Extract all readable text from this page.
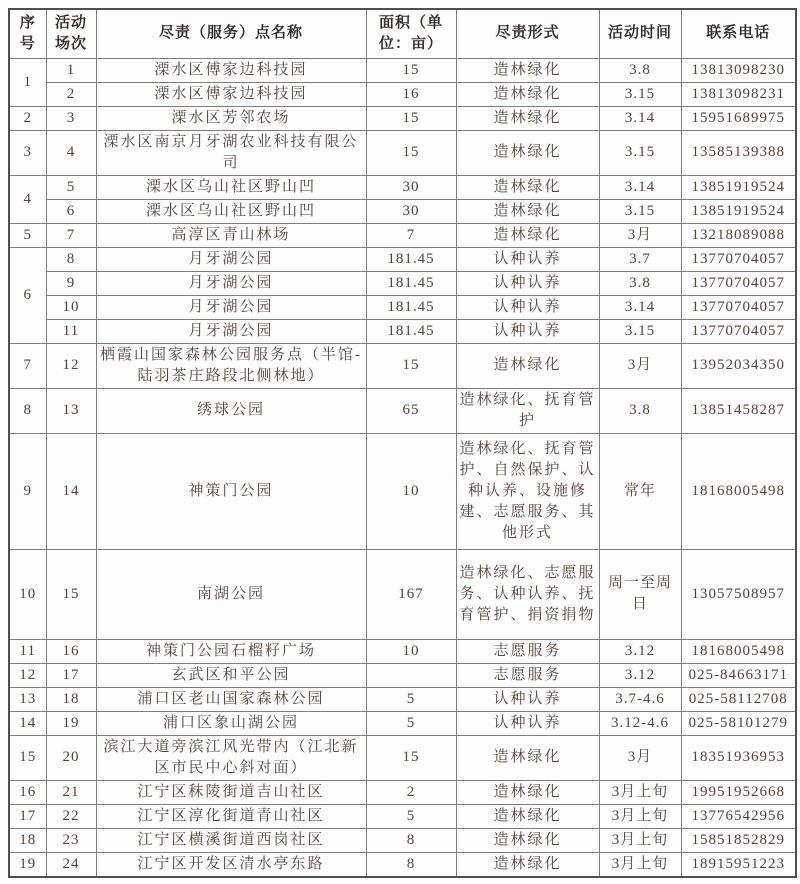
序号	活动场次	尽责（服务）点名称	面积（单位：亩）	尽责形式	活动时间	联系电话
1	1	溧水区傅家边科技园	15	造林绿化	3.8	13813098230
	2	溧水区傅家边科技园	16	造林绿化	3.15	13813098231
2	3	溧水区芳邻农场	15	造林绿化	3.14	15951689975
3	4	溧水区南京月牙湖农业科技有限公司	15	造林绿化	3.15	13585139388
4	5	溧水区乌山社区野山凹	30	造林绿化	3.14	13851919524
	6	溧水区乌山社区野山凹	30	造林绿化	3.15	13851919524
5	7	高淳区青山林场	7	造林绿化	3月	13218089088
6	8	月牙湖公园	181.45	认种认养	3.7	13770704057
	9	月牙湖公园	181.45	认种认养	3.8	13770704057
	10	月牙湖公园	181.45	认种认养	3.14	13770704057
	11	月牙湖公园	181.45	认种认养	3.15	13770704057
7	12	栖霞山国家森林公园服务点（半馆-陆羽茶庄路段北侧林地）	15	造林绿化	3月	13952034350
8	13	绣球公园	65	造林绿化、抚育管护	3.8	13851458287
9	14	神策门公园	10	造林绿化、抚育管护、自然保护、认种认养、设施修建、志愿服务、其他形式	常年	18168005498
10	15	南湖公园	167	造林绿化、志愿服务、认种认养、抚育管护、捐资捐物	周一至周日	13057508957
11	16	神策门公园石榴籽广场	10	志愿服务	3.12	18168005498
12	17	玄武区和平公园		志愿服务	3.12	025-84663171
13	18	浦口区老山国家森林公园	5	认种认养	3.7-4.6	025-58112708
14	19	浦口区象山湖公园	5	认种认养	3.12-4.6	025-58101279
15	20	滨江大道旁滨江风光带内（江北新区市民中心斜对面）	15	造林绿化	3月	18351936953
16	21	江宁区秣陵街道吉山社区	2	造林绿化	3月上旬	19951952668
17	22	江宁区淳化街道青山社区	5	造林绿化	3月上旬	13776542956
18	23	江宁区横溪街道西岗社区	8	造林绿化	3月上旬	15851852829
19	24	江宁区开发区清水亭东路	8	造林绿化	3月上旬	18915951223
